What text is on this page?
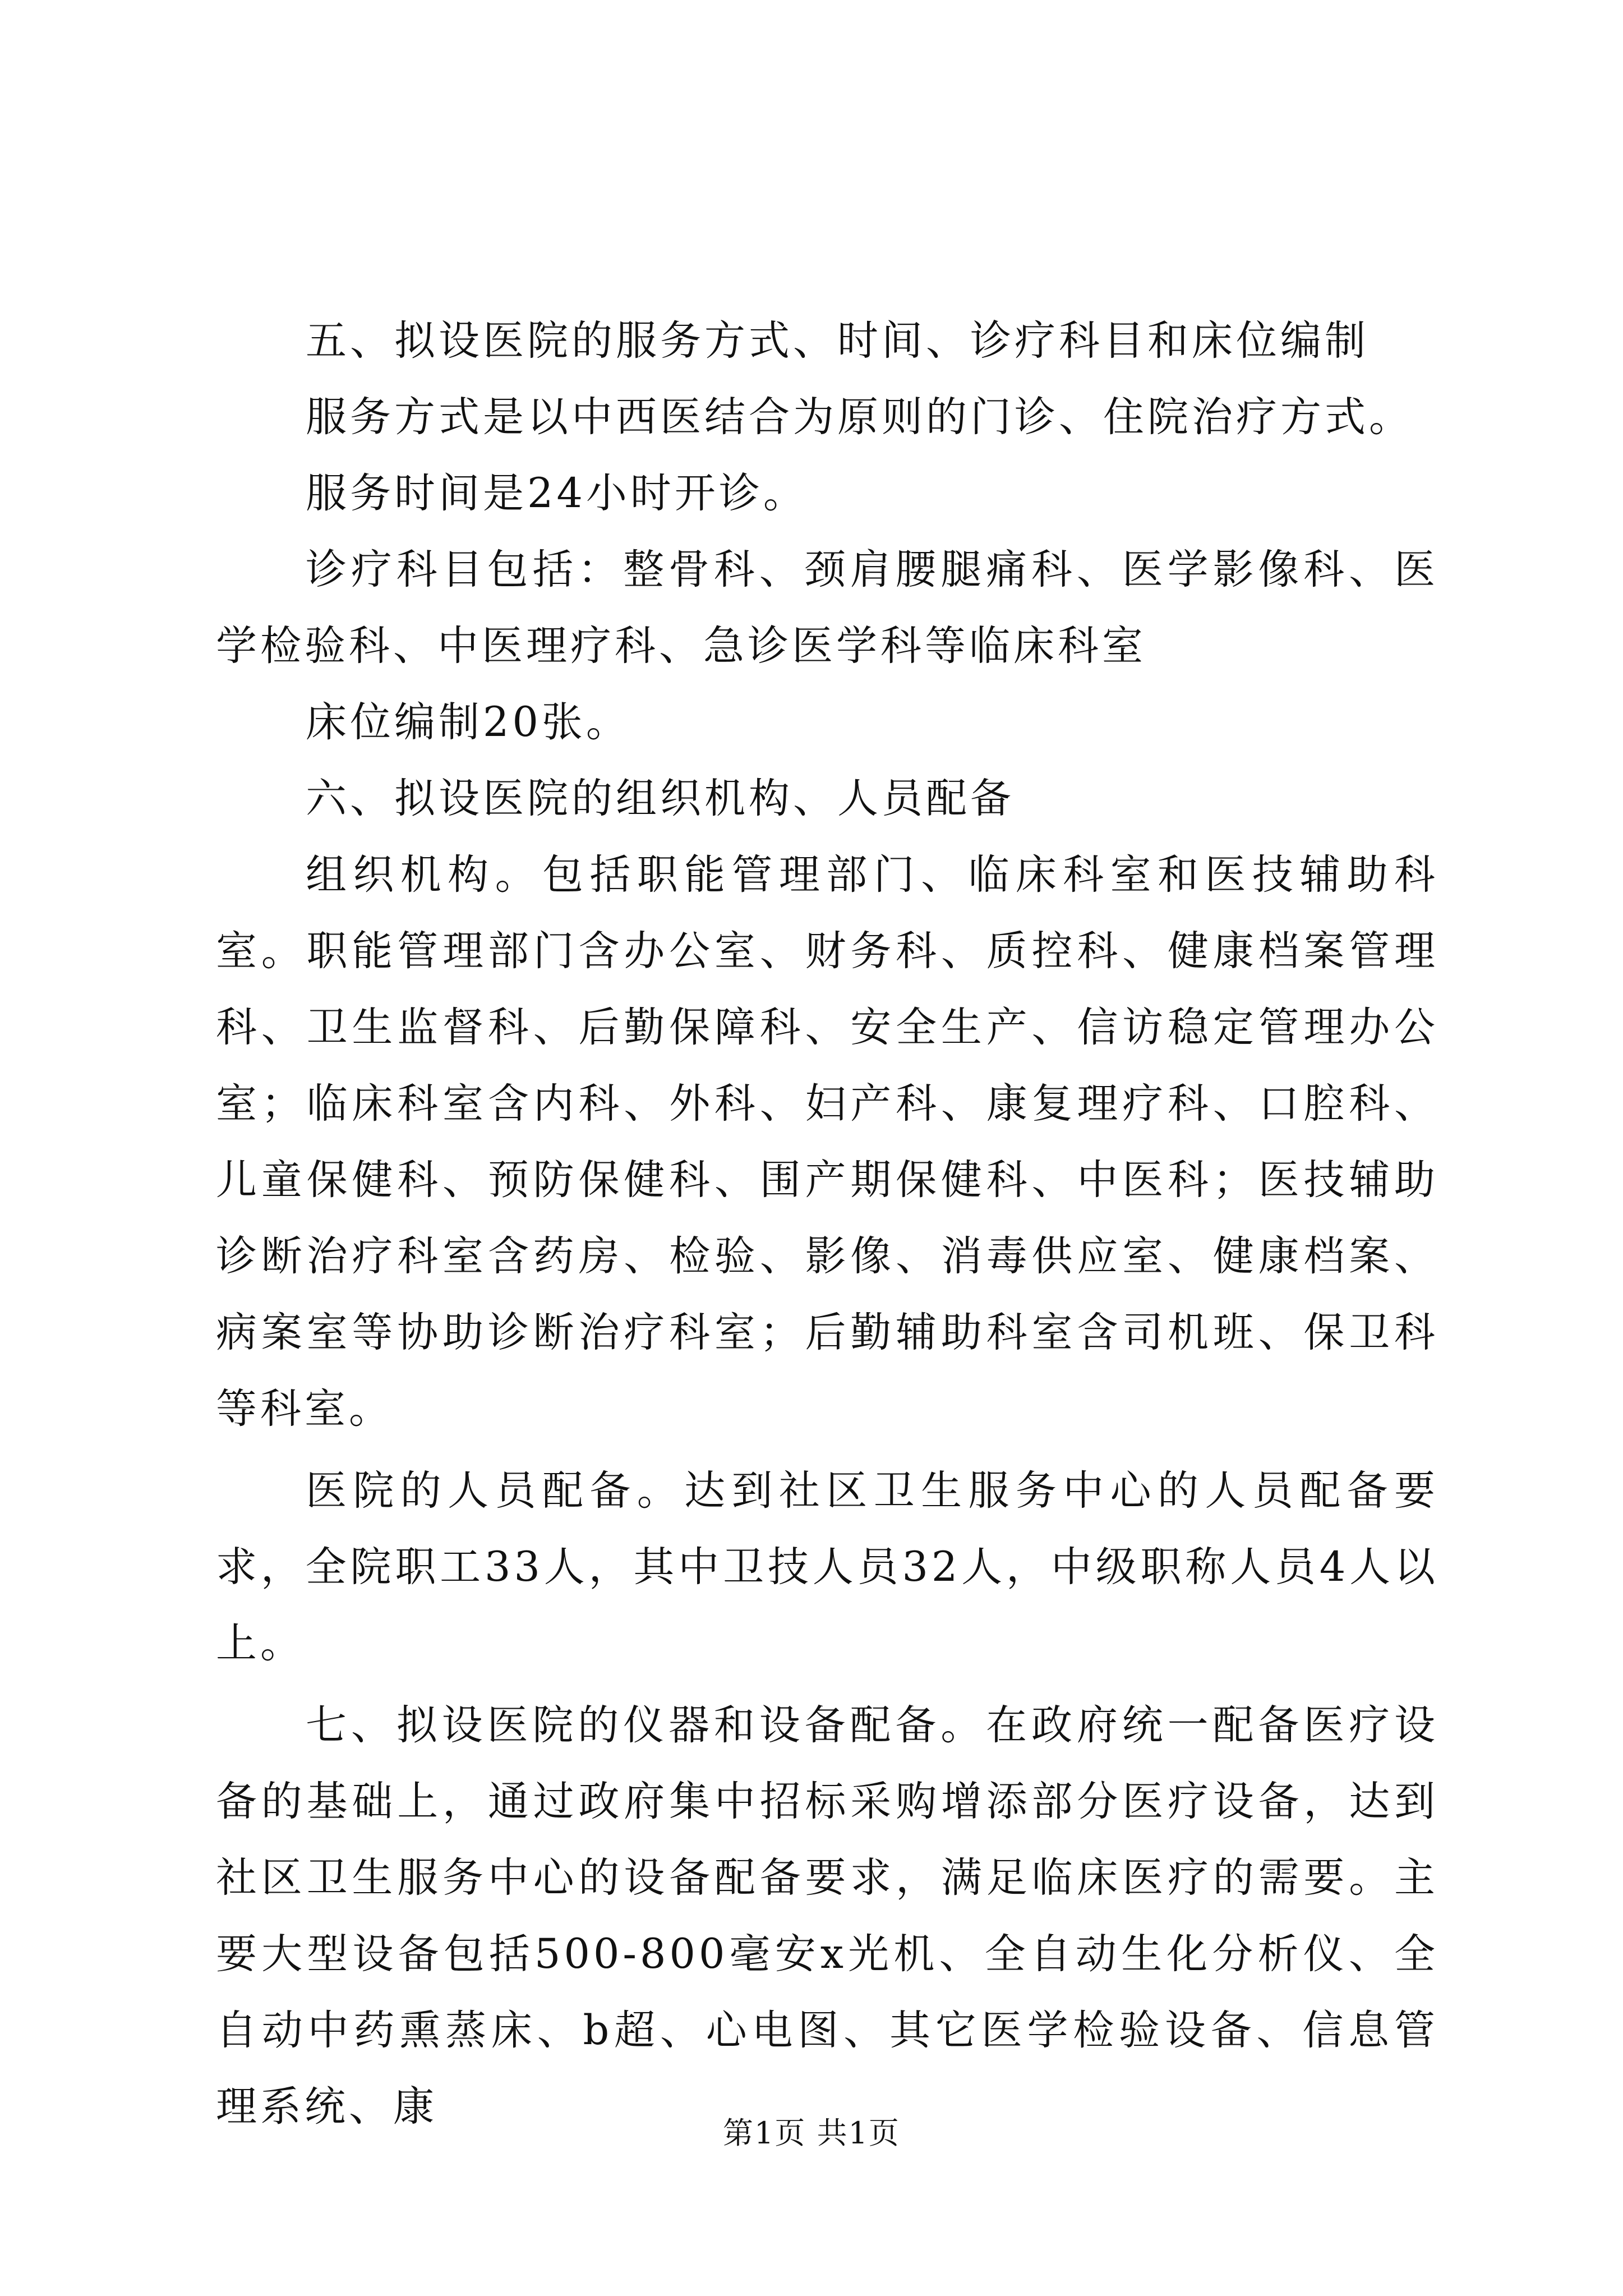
五、拟设医院的服务方式、时间、诊疗科目和床位编制

服务方式是以中西医结合为原则的门诊、住院治疗方式。

服务时间是24小时开诊。

诊疗科目包括：整骨科、颈肩腰腿痛科、医学影像科、医学检验科、中医理疗科、急诊医学科等临床科室

床位编制20张。

六、拟设医院的组织机构、人员配备

组织机构。包括职能管理部门、临床科室和医技辅助科室。职能管理部门含办公室、财务科、质控科、健康档案管理科、卫生监督科、后勤保障科、安全生产、信访稳定管理办公室；临床科室含内科、外科、妇产科、康复理疗科、口腔科、儿童保健科、预防保健科、围产期保健科、中医科；医技辅助诊断治疗科室含药房、检验、影像、消毒供应室、健康档案、病案室等协助诊断治疗科室；后勤辅助科室含司机班、保卫科等科室。

医院的人员配备。达到社区卫生服务中心的人员配备要求，全院职工33人，其中卫技人员32人，中级职称人员4人以上。

七、拟设医院的仪器和设备配备。在政府统一配备医疗设备的基础上，通过政府集中招标采购增添部分医疗设备，达到社区卫生服务中心的设备配备要求，满足临床医疗的需要。主要大型设备包括500-800毫安x光机、全自动生化分析仪、全自动中药熏蒸床、b超、心电图、其它医学检验设备、信息管理系统、康

第1页 共1页
